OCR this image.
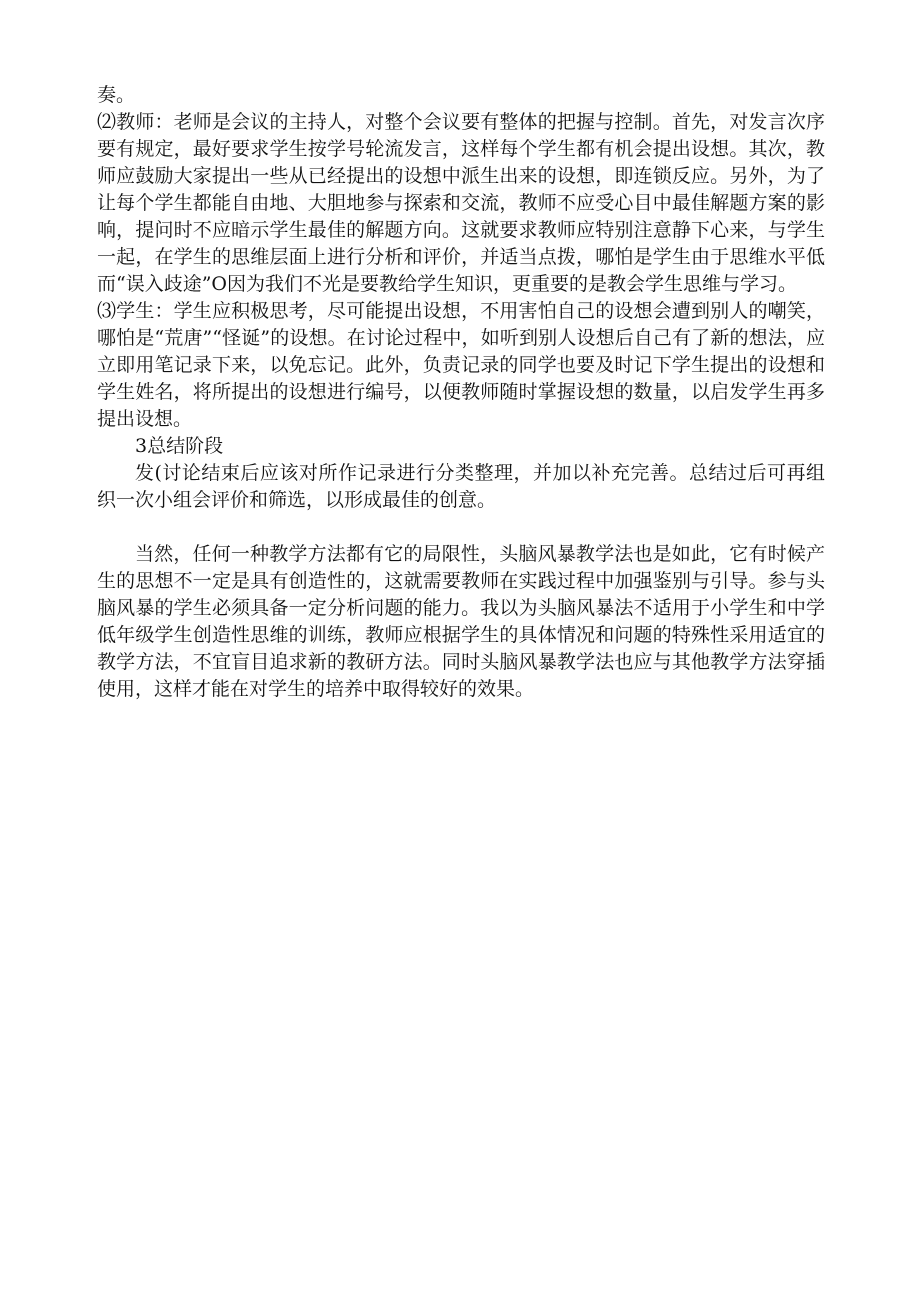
奏。

⑵教师：老师是会议的主持人，对整个会议要有整体的把握与控制。首先，对发言次序要有规定，最好要求学生按学号轮流发言，这样每个学生都有机会提出设想。其次，教师应鼓励大家提出一些从已经提出的设想中派生出来的设想，即连锁反应。另外，为了让每个学生都能自由地、大胆地参与探索和交流，教师不应受心目中最佳解题方案的影响，提问时不应暗示学生最佳的解题方向。这就要求教师应特别注意静下心来，与学生一起，在学生的思维层面上进行分析和评价，并适当点拨，哪怕是学生由于思维水平低而“误入歧途”O因为我们不光是要教给学生知识，更重要的是教会学生思维与学习。

⑶学生：学生应积极思考，尽可能提出设想，不用害怕自己的设想会遭到别人的嘲笑，哪怕是“荒唐”“怪诞”的设想。在讨论过程中，如听到别人设想后自己有了新的想法，应立即用笔记录下来，以免忘记。此外，负责记录的同学也要及时记下学生提出的设想和学生姓名，将所提出的设想进行编号，以便教师随时掌握设想的数量，以启发学生再多提出设想。

3总结阶段

发(讨论结束后应该对所作记录进行分类整理，并加以补充完善。总结过后可再组织一次小组会评价和筛选，以形成最佳的创意。

当然，任何一种教学方法都有它的局限性，头脑风暴教学法也是如此，它有时候产生的思想不一定是具有创造性的，这就需要教师在实践过程中加强鉴别与引导。参与头脑风暴的学生必须具备一定分析问题的能力。我以为头脑风暴法不适用于小学生和中学低年级学生创造性思维的训练，教师应根据学生的具体情况和问题的特殊性采用适宜的教学方法，不宜盲目追求新的教研方法。同时头脑风暴教学法也应与其他教学方法穿插使用，这样才能在对学生的培养中取得较好的效果。
